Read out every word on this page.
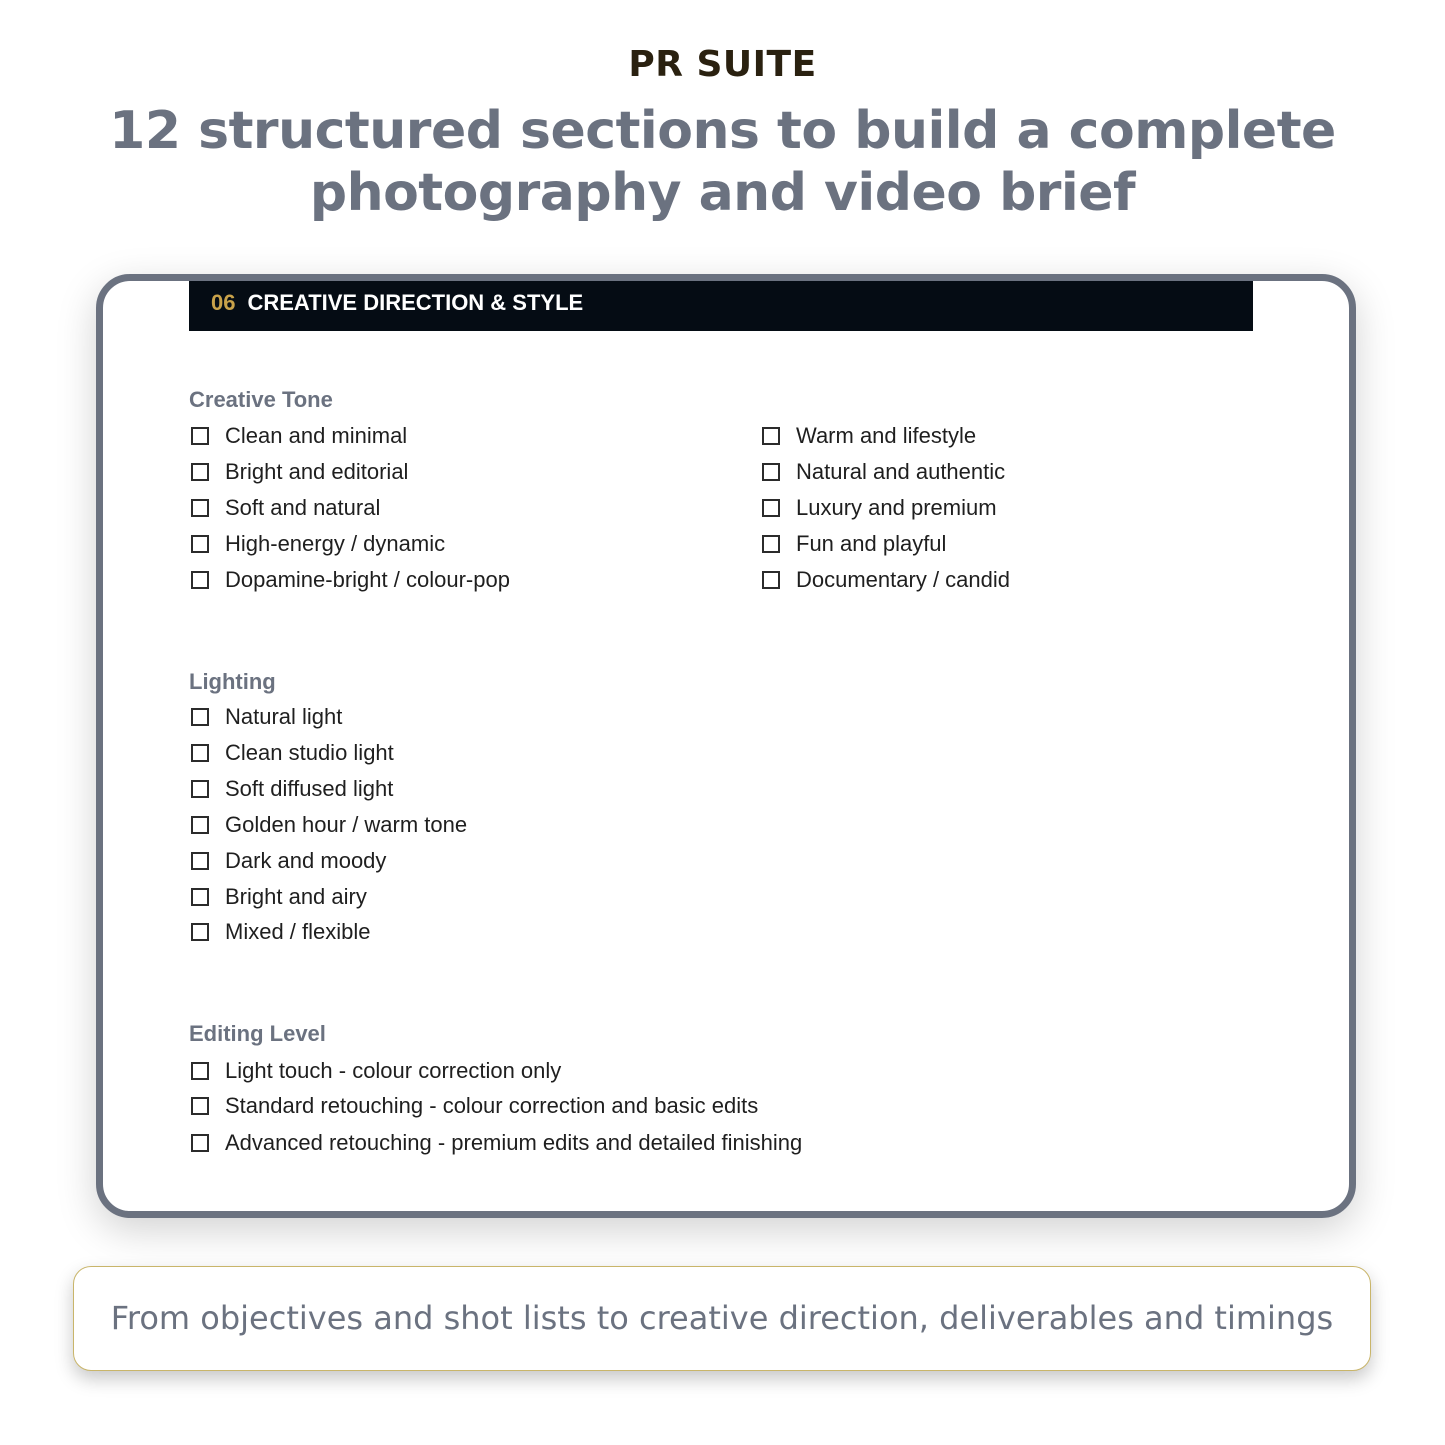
PR SUITE
12 structured sections to build a complete
photography and video brief
06 CREATIVE DIRECTION & STYLE
Creative Tone
Clean and minimal
Bright and editorial
Soft and natural
High-energy / dynamic
Dopamine-bright / colour-pop
Warm and lifestyle
Natural and authentic
Luxury and premium
Fun and playful
Documentary / candid
Lighting
Natural light
Clean studio light
Soft diffused light
Golden hour / warm tone
Dark and moody
Bright and airy
Mixed / flexible
Editing Level
Light touch - colour correction only
Standard retouching - colour correction and basic edits
Advanced retouching - premium edits and detailed finishing
From objectives and shot lists to creative direction, deliverables and timings
